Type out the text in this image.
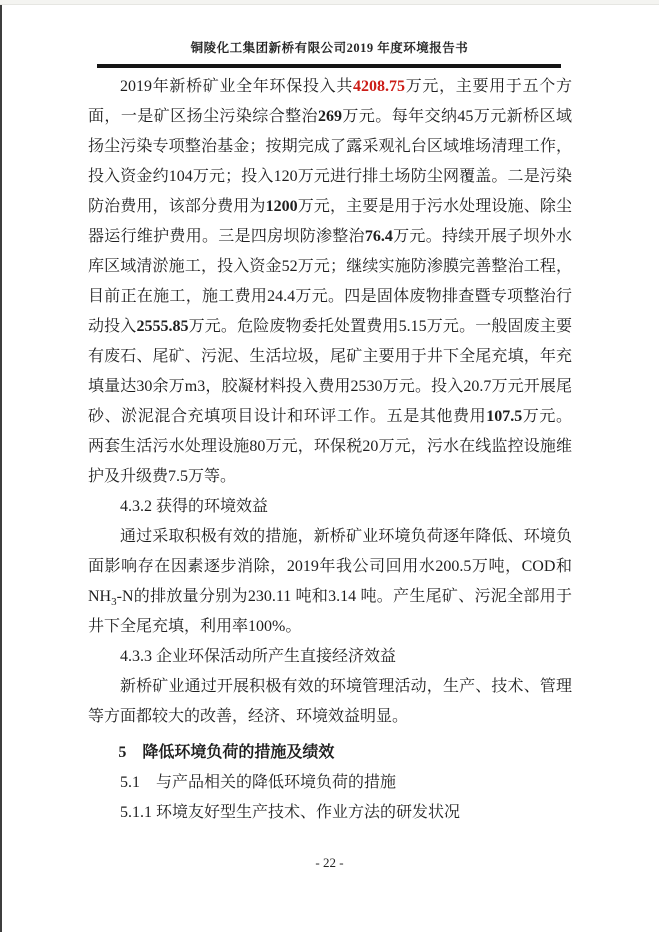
铜陵化工集团新桥有限公司2019 年度环境报告书

2019年新桥矿业全年环保投入共4208.75万元，主要用于五个方面，一是矿区扬尘污染综合整治269万元。每年交纳45万元新桥区域扬尘污染专项整治基金；按期完成了露采观礼台区域堆场清理工作，投入资金约104万元；投入120万元进行排土场防尘网覆盖。二是污染防治费用，该部分费用为1200万元，主要是用于污水处理设施、除尘器运行维护费用。三是四房坝防渗整治76.4万元。持续开展子坝外水库区域清淤施工，投入资金52万元；继续实施防渗膜完善整治工程，目前正在施工，施工费用24.4万元。四是固体废物排查暨专项整治行动投入2555.85万元。危险废物委托处置费用5.15万元。一般固废主要有废石、尾矿、污泥、生活垃圾，尾矿主要用于井下全尾充填，年充填量达30余万m3，胶凝材料投入费用2530万元。投入20.7万元开展尾砂、淤泥混合充填项目设计和环评工作。五是其他费用107.5万元。两套生活污水处理设施80万元，环保税20万元，污水在线监控设施维护及升级费7.5万等。

4.3.2 获得的环境效益

通过采取积极有效的措施，新桥矿业环境负荷逐年降低、环境负面影响存在因素逐步消除，2019年我公司回用水200.5万吨，COD和$NH_3-N$的排放量分别为230.11 吨和3.14 吨。产生尾矿、污泥全部用于井下全尾充填，利用率100%。

4.3.3 企业环保活动所产生直接经济效益

新桥矿业通过开展积极有效的环境管理活动，生产、技术、管理等方面都较大的改善，经济、环境效益明显。

5　降低环境负荷的措施及绩效

5.1　与产品相关的降低环境负荷的措施

5.1.1 环境友好型生产技术、作业方法的研发状况

- 22 -
